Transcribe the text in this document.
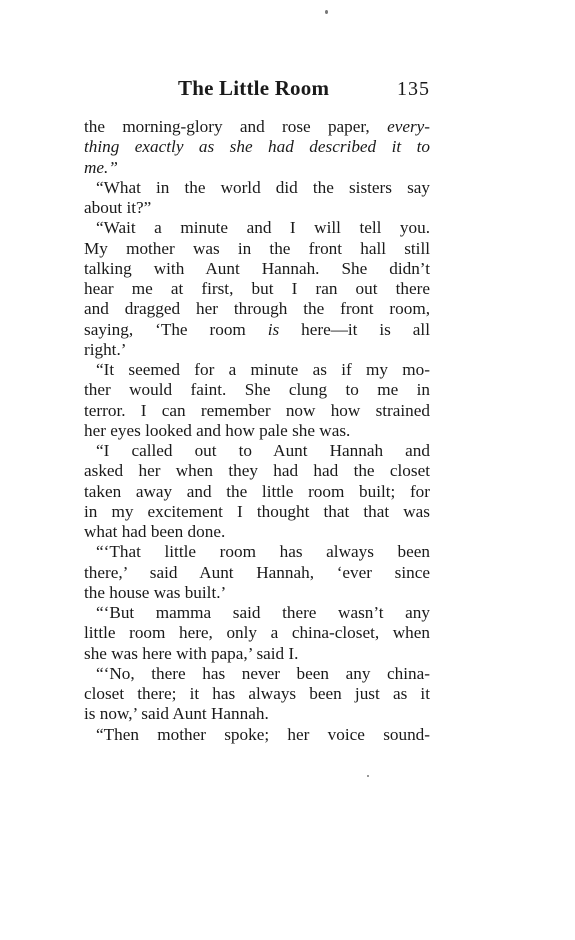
The Little Room	135
the morning-glory and rose paper, every-
thing exactly as she had described it to
me.”
“What in the world did the sisters say
about it?”
“Wait a minute and I will tell you.
My mother was in the front hall still
talking with Aunt Hannah. She didn’t
hear me at first, but I ran out there
and dragged her through the front room,
saying, ‘The room is here—it is all
right.’
“It seemed for a minute as if my mo-
ther would faint. She clung to me in
terror. I can remember now how strained
her eyes looked and how pale she was.
“I called out to Aunt Hannah and
asked her when they had had the closet
taken away and the little room built; for
in my excitement I thought that that was
what had been done.
“‘That little room has always been
there,’ said Aunt Hannah, ‘ever since
the house was built.’
“‘But mamma said there wasn’t any
little room here, only a china-closet, when
she was here with papa,’ said I.
“‘No, there has never been any china-
closet there; it has always been just as it
is now,’ said Aunt Hannah.
“Then mother spoke; her voice sound-
